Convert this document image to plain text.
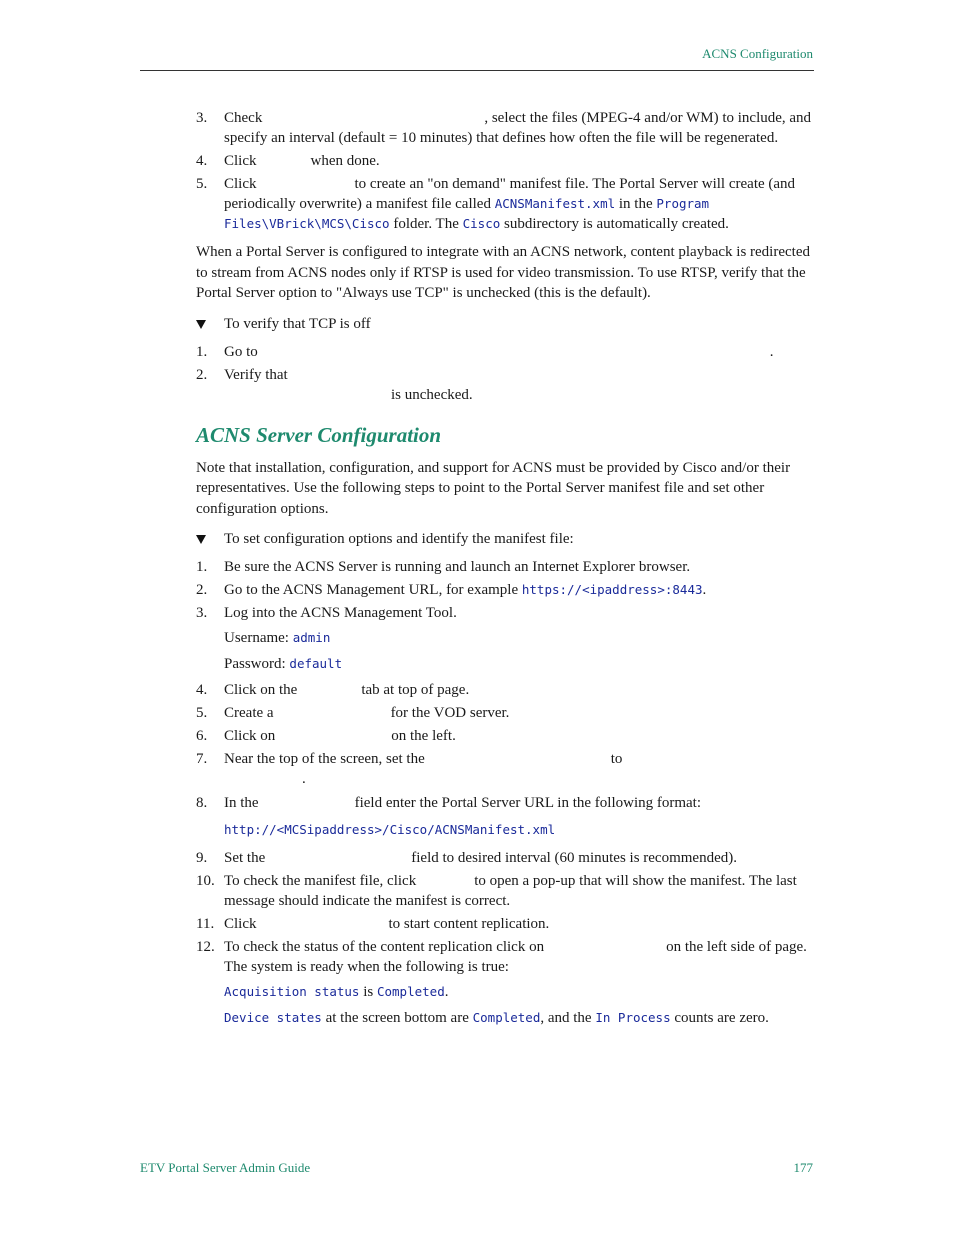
ACNS Configuration
3. Check	, select the files (MPEG-4 and/or WM) to include, and specify an interval (default = 10 minutes) that defines how often the file will be regenerated.
4. Click	when done.
5. Click	to create an "on demand" manifest file. The Portal Server will create (and periodically overwrite) a manifest file called ACNSManifest.xml in the Program Files\VBrick\MCS\Cisco folder. The Cisco subdirectory is automatically created.
When a Portal Server is configured to integrate with an ACNS network, content playback is redirected to stream from ACNS nodes only if RTSP is used for video transmission. To use RTSP, verify that the Portal Server option to "Always use TCP" is unchecked (this is the default).
To verify that TCP is off
1. Go to	.
2. Verify that
is unchecked.
ACNS Server Configuration
Note that installation, configuration, and support for ACNS must be provided by Cisco and/or their representatives. Use the following steps to point to the Portal Server manifest file and set other configuration options.
To set configuration options and identify the manifest file:
1. Be sure the ACNS Server is running and launch an Internet Explorer browser.
2. Go to the ACNS Management URL, for example https://<ipaddress>:8443.
3. Log into the ACNS Management Tool.
Username: admin
Password: default
4. Click on the	tab at top of page.
5. Create a	for the VOD server.
6. Click on	on the left.
7. Near the top of the screen, set the	to
.
8. In the	field enter the Portal Server URL in the following format:
http://<MCSipaddress>/Cisco/ACNSManifest.xml
9. Set the	field to desired interval (60 minutes is recommended).
10. To check the manifest file, click	to open a pop-up that will show the manifest. The last message should indicate the manifest is correct.
11. Click	to start content replication.
12. To check the status of the content replication click on	on the left side of page. The system is ready when the following is true:
Acquisition status is Completed.
Device states at the screen bottom are Completed, and the In Process counts are zero.
ETV Portal Server Admin Guide	177
